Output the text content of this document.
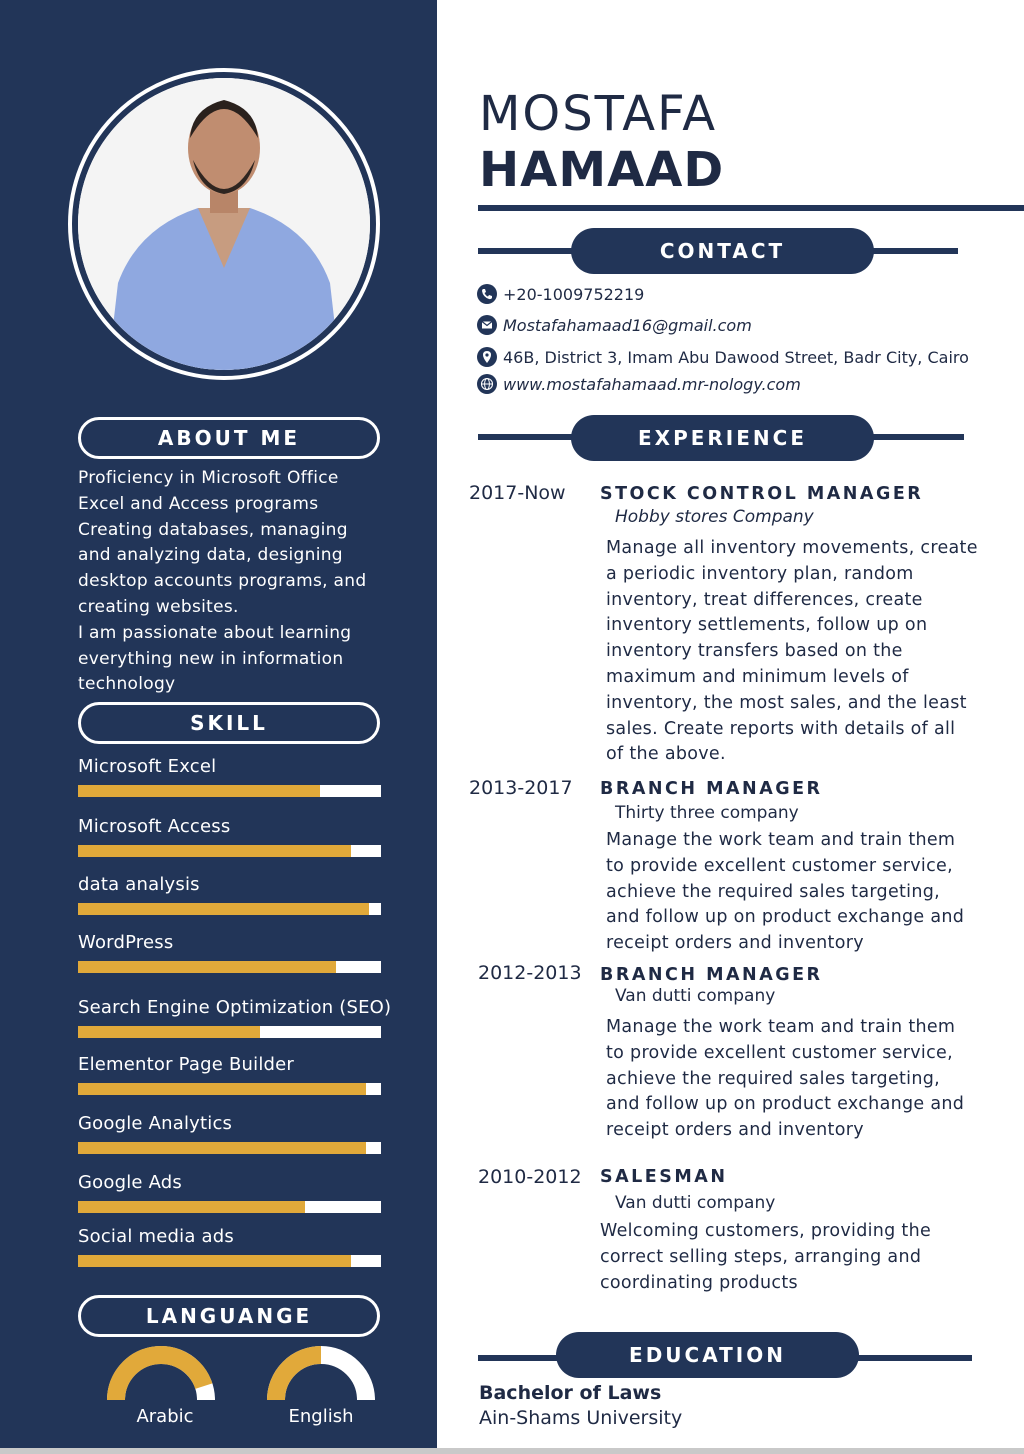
ABOUT ME
Proficiency in Microsoft Office
Excel and Access programs
Creating databases, managing
and analyzing data, designing
desktop accounts programs, and
creating websites.
I am passionate about learning
everything new in information
technology
SKILL
Microsoft Excel
Microsoft Access
data analysis
WordPress
Search Engine Optimization (SEO)
Elementor Page Builder
Google Analytics
Google Ads
Social media ads
LANGUANGE
Arabic	English
MOSTAFA
HAMAAD
CONTACT
+20-1009752219
Mostafahamaad16@gmail.com
46B, District 3, Imam Abu Dawood Street, Badr City, Cairo
www.mostafahamaad.mr-nology.com
EXPERIENCE
2017-Now STOCK CONTROL MANAGER
Hobby stores Company
Manage all inventory movements, create
a periodic inventory plan, random
inventory, treat differences, create
inventory settlements, follow up on
inventory transfers based on the
maximum and minimum levels of
inventory, the most sales, and the least
sales. Create reports with details of all
of the above.
2013-2017 BRANCH MANAGER
Thirty three company
Manage the work team and train them
to provide excellent customer service,
achieve the required sales targeting,
and follow up on product exchange and
receipt orders and inventory
2012-2013 BRANCH MANAGER
Van dutti company
Manage the work team and train them
to provide excellent customer service,
achieve the required sales targeting,
and follow up on product exchange and
receipt orders and inventory
2010-2012 SALESMAN
Van dutti company
Welcoming customers, providing the
correct selling steps, arranging and
coordinating products
EDUCATION
Bachelor of Laws
Ain-Shams University
